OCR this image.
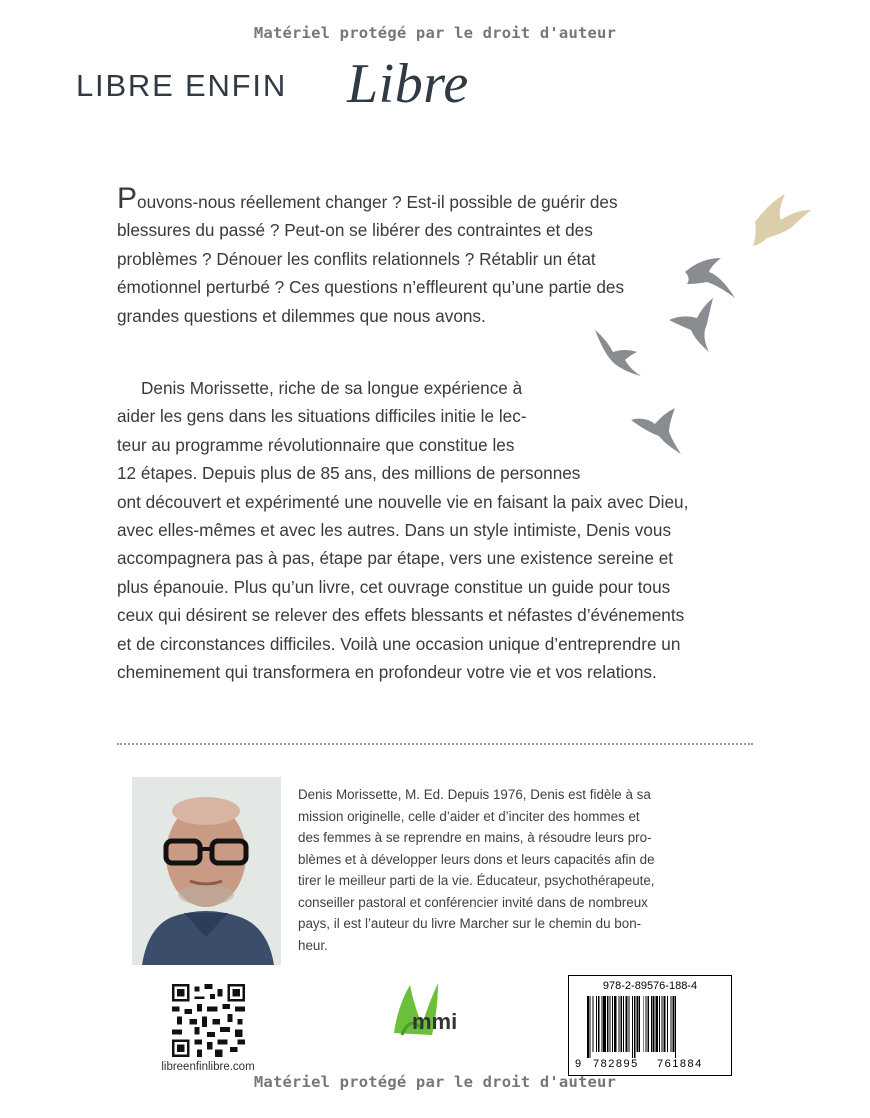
Matériel protégé par le droit d'auteur
LIBRE ENFIN Libre

Pouvons-nous réellement changer ? Est-il possible de guérir des blessures du passé ? Peut-on se libérer des contraintes et des problèmes ? Dénouer les conflits relationnels ? Rétablir un état émotionnel perturbé ? Ces questions n’effleurent qu’une partie des grandes questions et dilemmes que nous avons.

Denis Morissette, riche de sa longue expérience à
aider les gens dans les situations difficiles initie le lec-
teur au programme révolutionnaire que constitue les
12 étapes. Depuis plus de 85 ans, des millions de personnes
ont découvert et expérimenté une nouvelle vie en faisant la paix avec Dieu,
avec elles-mêmes et avec les autres. Dans un style intimiste, Denis vous
accompagnera pas à pas, étape par étape, vers une existence sereine et
plus épanouie. Plus qu’un livre, cet ouvrage constitue un guide pour tous
ceux qui désirent se relever des effets blessants et néfastes d’événements
et de circonstances difficiles. Voilà une occasion unique d’entreprendre un
cheminement qui transformera en profondeur votre vie et vos relations.
Denis Morissette, M. Ed. Depuis 1976, Denis est fidèle à sa
mission originelle, celle d’aider et d’inciter des hommes et
des femmes à se reprendre en mains, à résoudre leurs pro-
blèmes et à développer leurs dons et leurs capacités afin de
tirer le meilleur parti de la vie. Éducateur, psychothérapeute,
conseiller pastoral et conférencier invité dans de nombreux
pays, il est l’auteur du livre Marcher sur le chemin du bon-
heur.
libreenfinlibre.com
mmi
978-2-89576-188-4
9 782895 761884
Matériel protégé par le droit d'auteur
